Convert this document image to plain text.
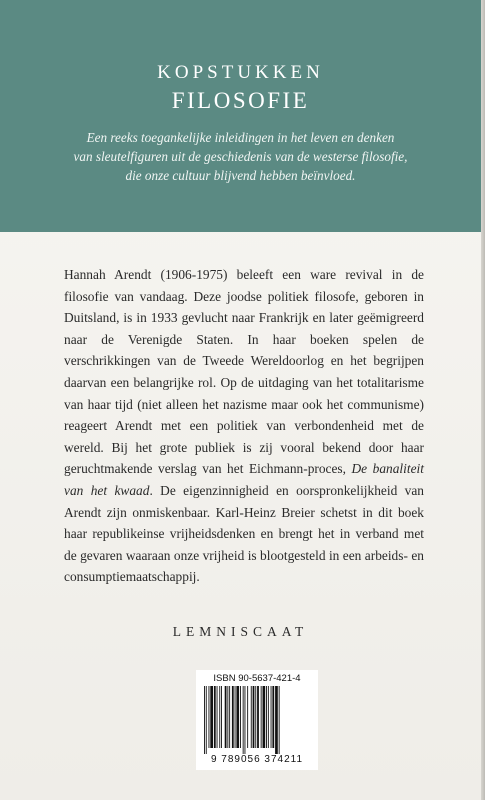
KOPSTUKKEN
FILOSOFIE
Een reeks toegankelijke inleidingen in het leven en denken
van sleutelfiguren uit de geschiedenis van de westerse filosofie,
die onze cultuur blijvend hebben beïnvloed.

Hannah Arendt (1906-1975) beleeft een ware revival in de filosofie van vandaag. Deze joodse politiek filosofe, geboren in Duitsland, is in 1933 gevlucht naar Frankrijk en later geëmigreerd naar de Verenigde Staten. In haar boeken spelen de verschrikkingen van de Tweede Wereldoorlog en het begrijpen daarvan een belangrijke rol. Op de uitdaging van het totalitarisme van haar tijd (niet alleen het nazisme maar ook het communisme) reageert Arendt met een politiek van verbondenheid met de wereld. Bij het grote publiek is zij vooral bekend door haar geruchtmakende verslag van het Eichmann-proces, De banaliteit van het kwaad. De eigenzinnigheid en oorspronkelijkheid van Arendt zijn onmiskenbaar. Karl-Heinz Breier schetst in dit boek haar republikeinse vrijheidsdenken en brengt het in verband met de gevaren waaraan onze vrijheid is blootgesteld in een arbeids- en consumptiemaatschappij.

LEMNISCAAT
ISBN 90-5637-421-4
9 789056 374211
